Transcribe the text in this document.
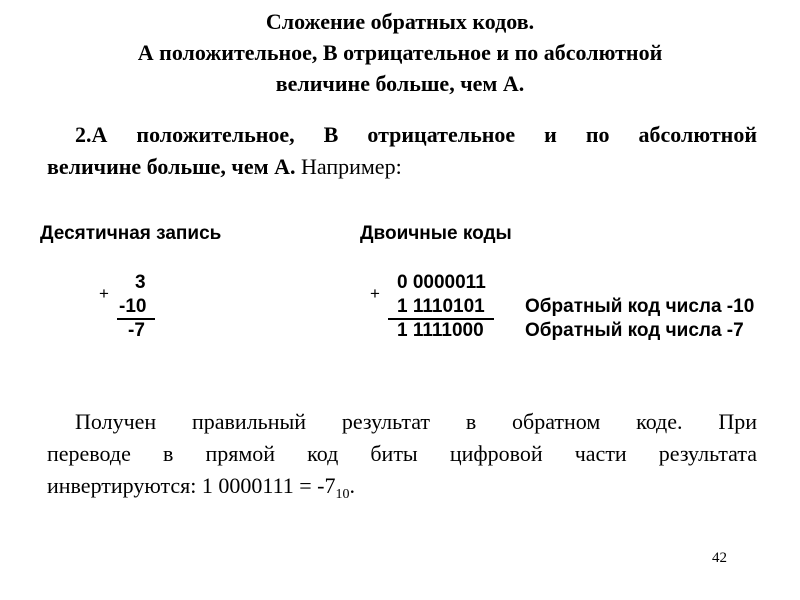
Сложение обратных кодов.
А положительное, В отрицательное и по абсолютной
величине больше, чем А.
2.А положительное, В отрицательное и по абсолютной
величине больше, чем А. Например:
Десятичная запись	Двоичные коды
+
3
-10
-7
+
0 0000011
1 1110101
1 1111000
Обратный код числа -10
Обратный код числа -7
Получен правильный результат в обратном коде. При
переводе в прямой код биты цифровой части результата
инвертируются: 1 $0000111 = -7_{10}$.
42
